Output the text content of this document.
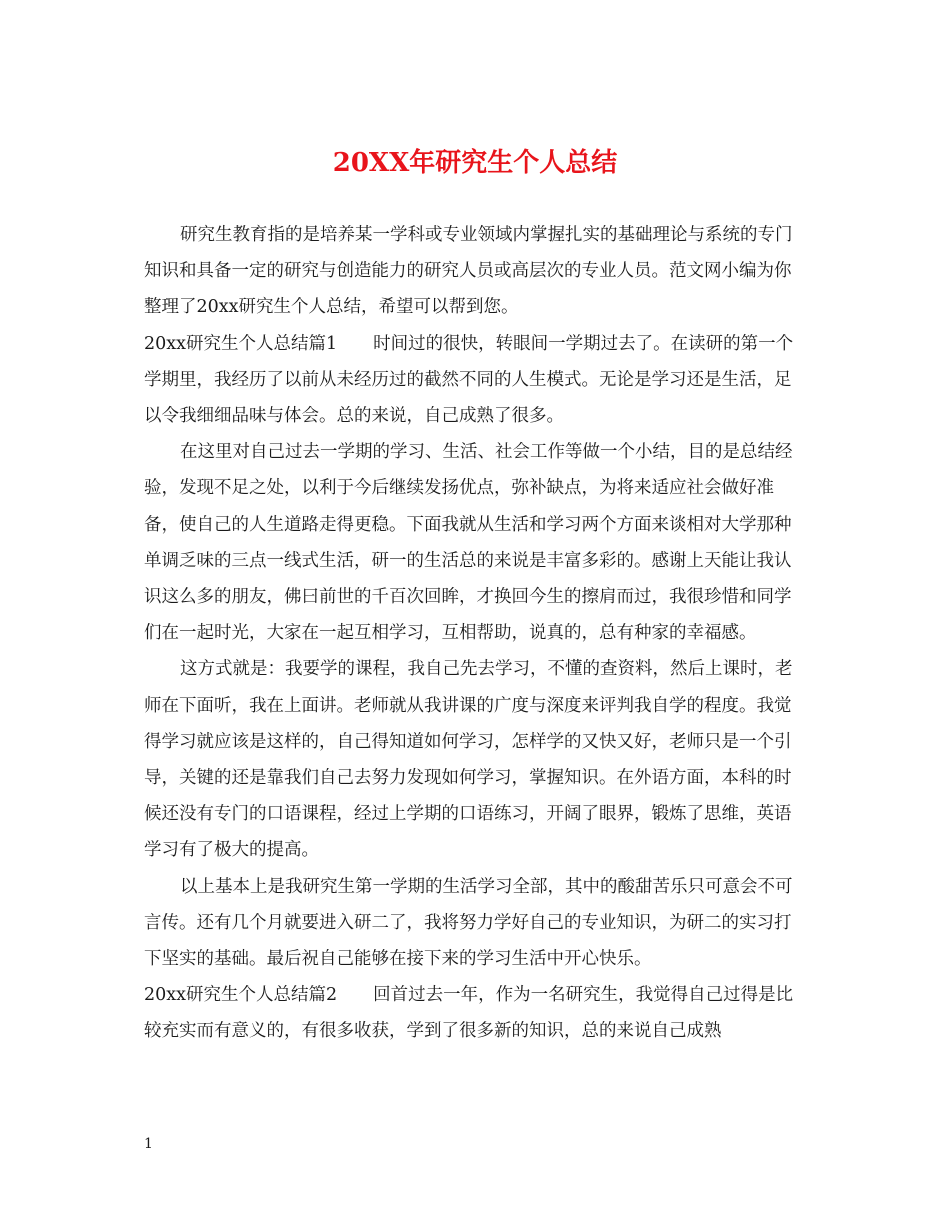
20XX年研究生个人总结

研究生教育指的是培养某一学科或专业领域内掌握扎实的基础理论与系统的专门知识和具备一定的研究与创造能力的研究人员或高层次的专业人员。范文网小编为你整理了20xx研究生个人总结，希望可以帮到您。

20xx研究生个人总结篇1 时间过的很快，转眼间一学期过去了。在读研的第一个学期里，我经历了以前从未经历过的截然不同的人生模式。无论是学习还是生活，足以令我细细品味与体会。总的来说，自己成熟了很多。

在这里对自己过去一学期的学习、生活、社会工作等做一个小结，目的是总结经验，发现不足之处，以利于今后继续发扬优点，弥补缺点，为将来适应社会做好准备，使自己的人生道路走得更稳。下面我就从生活和学习两个方面来谈相对大学那种单调乏味的三点一线式生活，研一的生活总的来说是丰富多彩的。感谢上天能让我认识这么多的朋友，佛曰前世的千百次回眸，才换回今生的擦肩而过，我很珍惜和同学们在一起时光，大家在一起互相学习，互相帮助，说真的，总有种家的幸福感。

这方式就是：我要学的课程，我自己先去学习，不懂的查资料，然后上课时，老师在下面听，我在上面讲。老师就从我讲课的广度与深度来评判我自学的程度。我觉得学习就应该是这样的，自己得知道如何学习，怎样学的又快又好，老师只是一个引导，关键的还是靠我们自己去努力发现如何学习，掌握知识。在外语方面，本科的时候还没有专门的口语课程，经过上学期的口语练习，开阔了眼界，锻炼了思维，英语学习有了极大的提高。

以上基本上是我研究生第一学期的生活学习全部，其中的酸甜苦乐只可意会不可言传。还有几个月就要进入研二了，我将努力学好自己的专业知识，为研二的实习打下坚实的基础。最后祝自己能够在接下来的学习生活中开心快乐。

20xx研究生个人总结篇2 回首过去一年，作为一名研究生，我觉得自己过得是比较充实而有意义的，有很多收获，学到了很多新的知识，总的来说自己成熟

1
